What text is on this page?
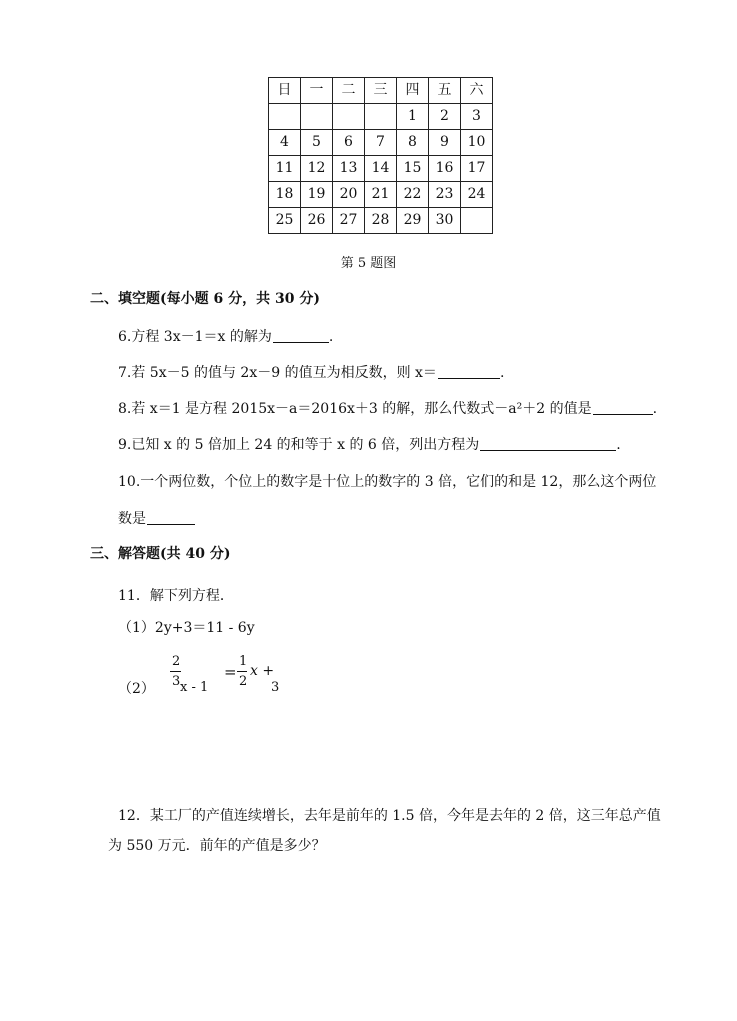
日	一	二	三	四	五	六
				1	2	3
4	5	6	7	8	9	10
11	12	13	14	15	16	17
18	19	20	21	22	23	24
25	26	27	28	29	30	
第 5 题图
二、填空题(每小题 6 分，共 30 分)
6.方程 3x－1＝x 的解为	.
7.若 5x－5 的值与 2x－9 的值互为相反数，则 x＝	.
8.若 x＝1 是方程 2015x－a＝2016x＋3 的解，那么代数式－a²＋2 的值是	.
9.已知 x 的 5 倍加上 24 的和等于 x 的 6 倍，列出方程为	.
10.一个两位数，个位上的数字是十位上的数字的 3 倍，它们的和是 12，那么这个两位
数是
三、解答题(共 40 分)
11．解下列方程．
（1）2y+3＝11 - 6y
（2）
2
3 x - 1
=
1
2
x +
3
12．某工厂的产值连续增长，去年是前年的 1.5 倍，今年是去年的 2 倍，这三年总产值
为 550 万元．前年的产值是多少？
